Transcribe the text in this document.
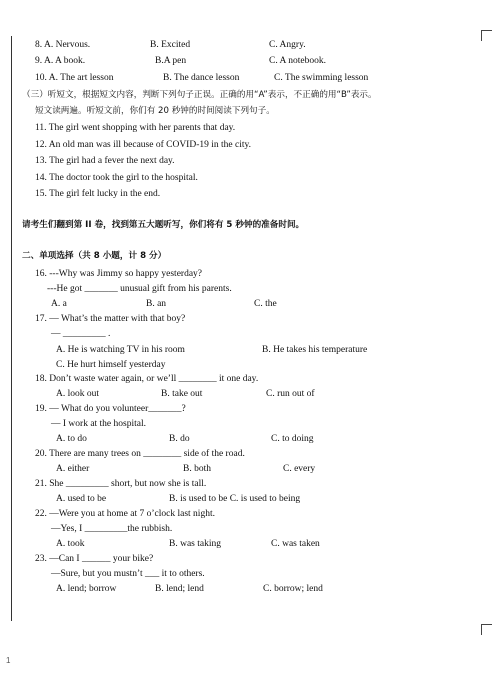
8. A. Nervous.	B. Excited	C. Angry.
9. A. A book.	B.A pen	C. A notebook.
10. A. The art lesson	B. The dance lesson	C. The swimming lesson
（三）听短文，根据短文内容，判断下列句子正误。正确的用“A”表示，不正确的用“B”表示。
短文读两遍。听短文前，你们有 20 秒钟的时间阅读下列句子。
11. The girl went shopping with her parents that day.
12. An old man was ill because of COVID-19 in the city.
13. The girl had a fever the next day.
14. The doctor took the girl to the hospital.
15. The girl felt lucky in the end.
请考生们翻到第 II 卷，找到第五大题听写，你们将有 5 秒钟的准备时间。
二、单项选择（共 8 小题，计 8 分）
16. ---Why was Jimmy so happy yesterday?
---He got _______ unusual gift from his parents.
A. a	B. an	C. the
17. — What’s the matter with that boy?
— _________ .
A. He is watching TV in his room	B. He takes his temperature
C. He hurt himself yesterday
18. Don’t waste water again, or we’ll ________ it one day.
A. look out	B. take out	C. run out of
19. — What do you volunteer_______?
— I work at the hospital.
A. to do	B. do	C. to doing
20. There are many trees on ________ side of the road.
A. either	B. both	C. every
21. She _________ short, but now she is tall.
A. used to be	B. is used to be C. is used to being
22. —Were you at home at 7 o’clock last night.
—Yes, I _________the rubbish.
A. took	B. was taking	C. was taken
23. —Can I ______ your bike?
—Sure, but you mustn’t ___ it to others.
A. lend; borrow	B. lend; lend	C. borrow; lend
1
